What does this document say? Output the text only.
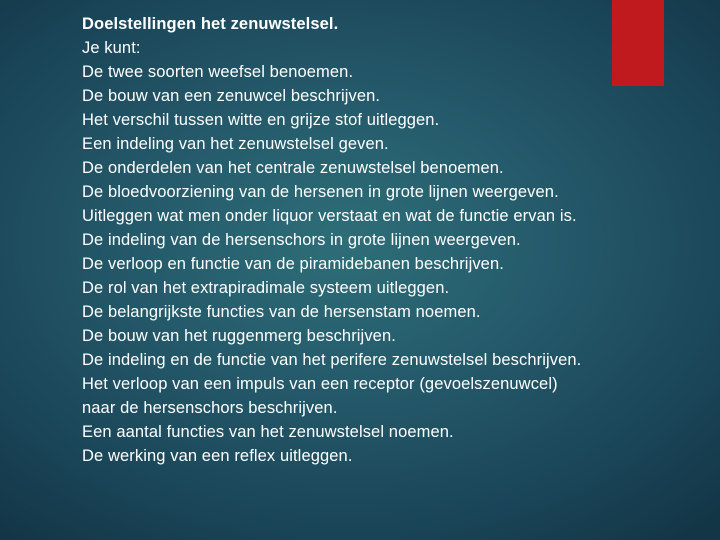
Doelstellingen het zenuwstelsel.
Je kunt:
De twee soorten weefsel benoemen.
De bouw van een zenuwcel beschrijven.
Het verschil tussen witte en grijze stof uitleggen.
Een indeling van het zenuwstelsel geven.
De onderdelen van het centrale zenuwstelsel benoemen.
De bloedvoorziening van de hersenen in grote lijnen weergeven.
Uitleggen wat men onder liquor verstaat en wat de functie ervan is.
De indeling van de hersenschors in grote lijnen weergeven.
De verloop en functie van de piramidebanen beschrijven.
De rol van het extrapiradimale systeem uitleggen.
De belangrijkste functies van de hersenstam noemen.
De bouw van het ruggenmerg beschrijven.
De indeling en de functie van het perifere zenuwstelsel beschrijven.
Het verloop van een impuls van een receptor (gevoelszenuwcel)
naar de hersenschors beschrijven.
Een aantal functies van het zenuwstelsel noemen.
De werking van een reflex uitleggen.
